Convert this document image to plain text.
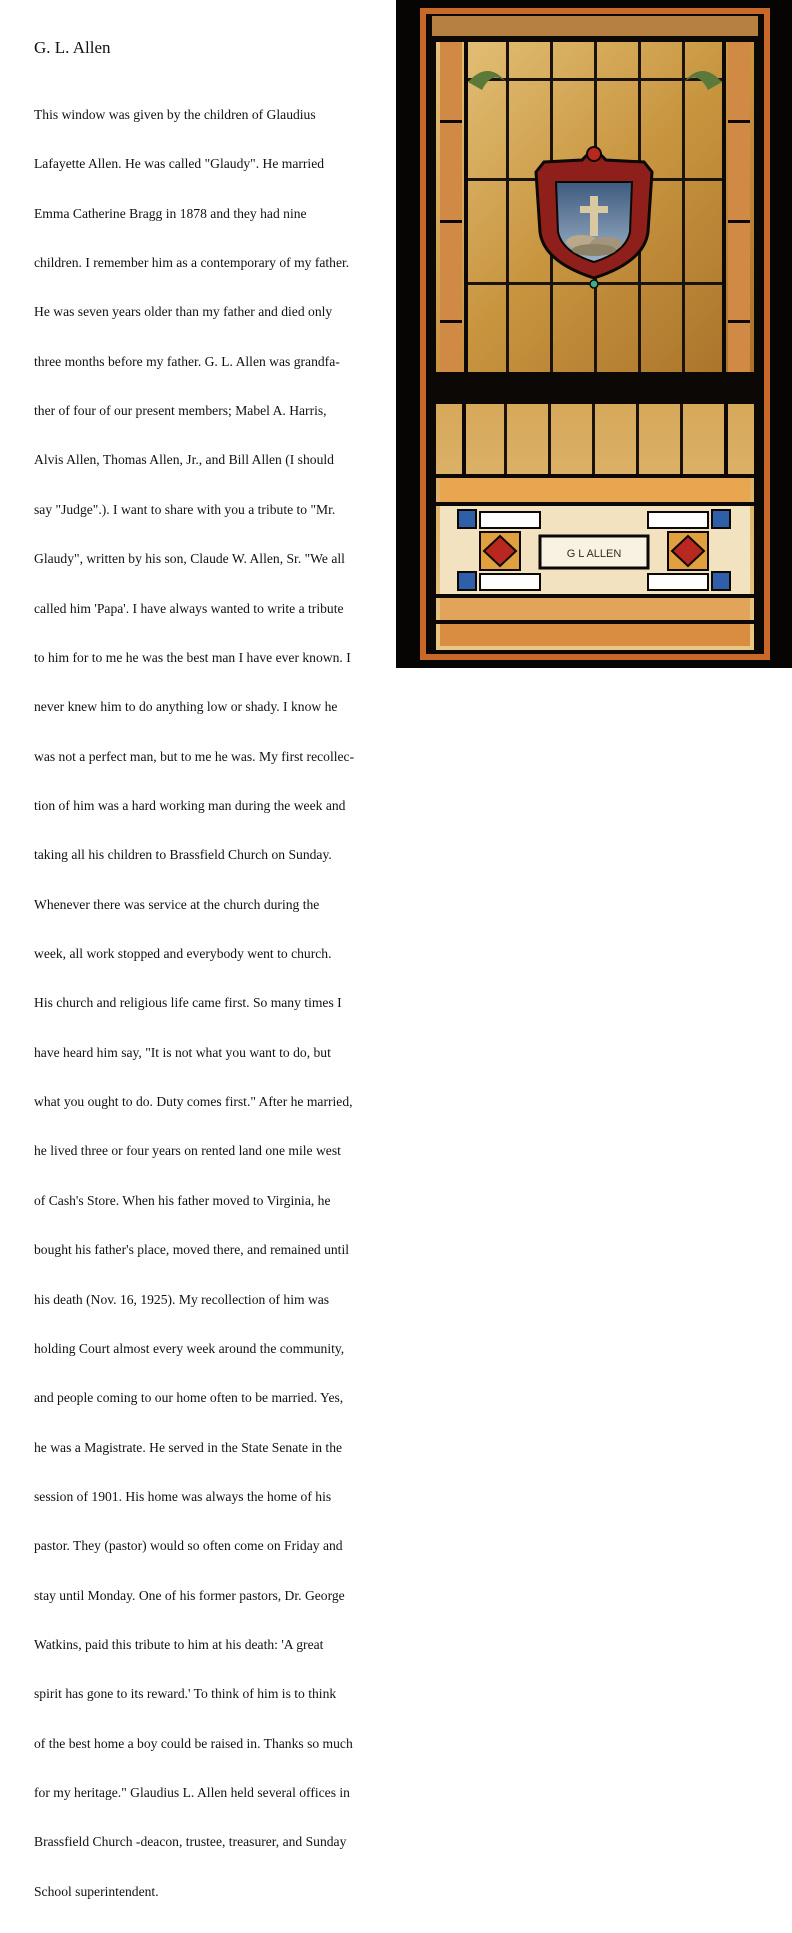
G. L. Allen

This window was given by the children of Glaudius

Lafayette Allen. He was called "Glaudy". He married

Emma Catherine Bragg in 1878 and they had nine

children. I remember him as a contemporary of my father.

He was seven years older than my father and died only

three months before my father. G. L. Allen was grandfa-

ther of four of our present members; Mabel A. Harris,

Alvis Allen, Thomas Allen, Jr., and Bill Allen (I should

say "Judge".). I want to share with you a tribute to "Mr.

Glaudy", written by his son, Claude W. Allen, Sr. "We all

called him 'Papa'. I have always wanted to write a tribute

to him for to me he was the best man I have ever known. I

never knew him to do anything low or shady. I know he

was not a perfect man, but to me he was. My first recollec-

tion of him was a hard working man during the week and

taking all his children to Brassfield Church on Sunday.

Whenever there was service at the church during the

week, all work stopped and everybody went to church.

His church and religious life came first. So many times I

have heard him say, "It is not what you want to do, but

what you ought to do. Duty comes first." After he married,

he lived three or four years on rented land one mile west

of Cash's Store. When his father moved to Virginia, he

bought his father's place, moved there, and remained until

his death (Nov. 16, 1925). My recollection of him was

holding Court almost every week around the community,

and people coming to our home often to be married. Yes,

he was a Magistrate. He served in the State Senate in the

session of 1901. His home was always the home of his

pastor. They (pastor) would so often come on Friday and

stay until Monday. One of his former pastors, Dr. George

Watkins, paid this tribute to him at his death: 'A great

spirit has gone to its reward.' To think of him is to think

of the best home a boy could be raised in. Thanks so much

for my heritage." Glaudius L. Allen held several offices in

Brassfield Church -deacon, trustee, treasurer, and Sunday

School superintendent.

G L ALLEN
